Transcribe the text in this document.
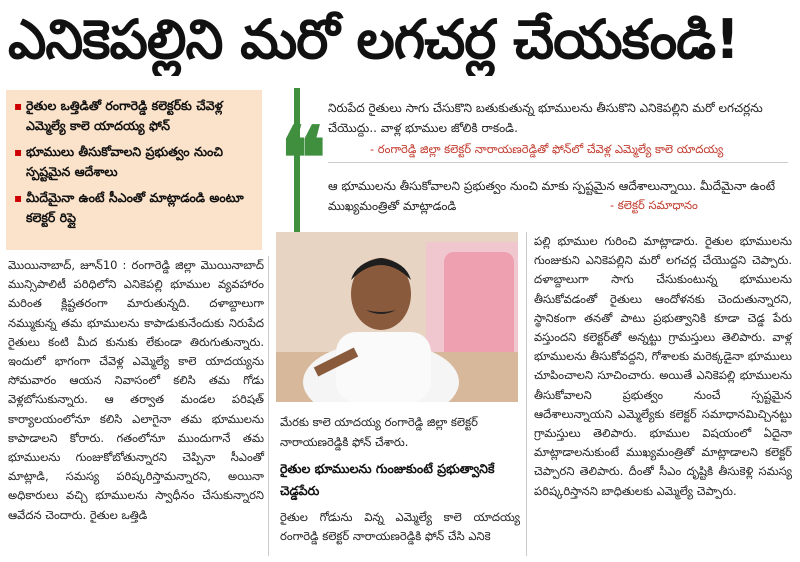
ఎనికెపల్లిని మరో లగచర్ల చేయకండి!
▪ రైతుల ఒత్తిడితో రంగారెడ్డి కలెక్టర్‌కు చేవెళ్ల ఎమ్మెల్యే కాలె యాదయ్య ఫోన్
▪ భూములు తీసుకోవాలని ప్రభుత్వం నుంచి స్పష్టమైన ఆదేశాలు
▪ మీదేమైనా ఉంటే సీఎంతో మాట్లాడండి అంటూ కలెక్టర్ రిప్లై
❝ నిరుపేద రైతులు సాగు చేసుకొని బతుకుతున్న భూములను తీసుకొని ఎనికెపల్లిని మరో లగచర్లను చేయొద్దు.. వాళ్ల భూముల జోలికి రాకండి.
- రంగారెడ్డి జిల్లా కలెక్టర్ నారాయణరెడ్డితో ఫోన్‌లో చేవెళ్ల ఎమ్మెల్యే కాలె యాదయ్య
ఆ భూములను తీసుకోవాలని ప్రభుత్వం నుంచి మాకు స్పష్టమైన ఆదేశాలున్నాయి. మీదేమైనా ఉంటే ముఖ్యమంత్రితో మాట్లాడండి	- కలెక్టర్ సమాధానం
మొయినాబాద్, జూన్10 : రంగారెడ్డి జిల్లా మొయినాబాద్ మున్సిపాలిటీ పరిధిలోని ఎనికెపల్లి భూముల వ్యవహారం మరింత క్లిష్టతరంగా మారుతున్నది. దళాబ్దాలుగా నమ్ముకున్న తమ భూములను కాపాడుకునేందుకు నిరుపేద రైతులు కంటి మీద కునుకు లేకుండా తిరుగుతున్నారు. ఇందులో భాగంగా చేవెళ్ల ఎమ్మెల్యే కాలె యాదయ్యను సోమవారం ఆయన నివాసంలో కలిసి తమ గోడు వెళ్లబోసుకున్నారు. ఆ తర్వాత మండల పరిషత్ కార్యాలయంలోనూ కలిసి ఎలాగైనా తమ భూములను కాపాడాలని కోరారు. గతంలోనూ ముందుగానే తమ భూములను గుంజుకోబోతున్నారని చెప్పినా సీఎంతో మాట్లాడి, సమస్య పరిష్కరిస్తామన్నారని, అయినా అధికారులు వచ్చి భూములను స్వాధీనం చేసుకున్నారని ఆవేదన చెందారు. రైతుల ఒత్తిడి
మేరకు కాలె యాదయ్య రంగారెడ్డి జిల్లా కలెక్టర్ నారాయణరెడ్డికి ఫోన్ చేశారు.
రైతుల భూములను గుంజుకుంటే ప్రభుత్వానికే చెడ్డపేరు
రైతుల గోడును విన్న ఎమ్మెల్యే కాలె యాదయ్య రంగారెడ్డి కలెక్టర్ నారాయణరెడ్డికి ఫోన్ చేసి ఎనికె
పల్లి భూముల గురించి మాట్లాడారు. రైతుల భూములను గుంజుకుని ఎనికెపల్లిని మరో లగచర్ల చేయొద్దని చెప్పారు. దళాబ్దాలుగా సాగు చేసుకుంటున్న భూములను తీసుకోవడంతో రైతులు ఆందోళనకు చెందుతున్నారని, స్థానికంగా తనతో పాటు ప్రభుత్వానికి కూడా చెడ్డ పేరు వస్తుందని కలెక్టర్‌తో అన్నట్టు గ్రామస్తులు తెలిపారు. వాళ్ల భూములను తీసుకోవద్దని, గోశాలకు మరెక్కడైనా భూములు చూపించాలని సూచించారు. అయితే ఎనికెపల్లి భూములను తీసుకోవాలని ప్రభుత్వం నుంచే స్పష్టమైన ఆదేశాలున్నాయని ఎమ్మెల్యేకు కలెక్టర్ సమాధానమిచ్చినట్టు గ్రామస్తులు తెలిపారు. భూముల విషయంలో ఏదైనా మాట్లాడాలనుకుంటే ముఖ్యమంత్రితో మాట్లాడాలని కలెక్టర్ చెప్పారని తెలిపారు. దీంతో సీఎం దృష్టికి తీసుకెళ్లి సమస్య పరిష్కరిస్తానని బాధితులకు ఎమ్మెల్యే చెప్పారు.
